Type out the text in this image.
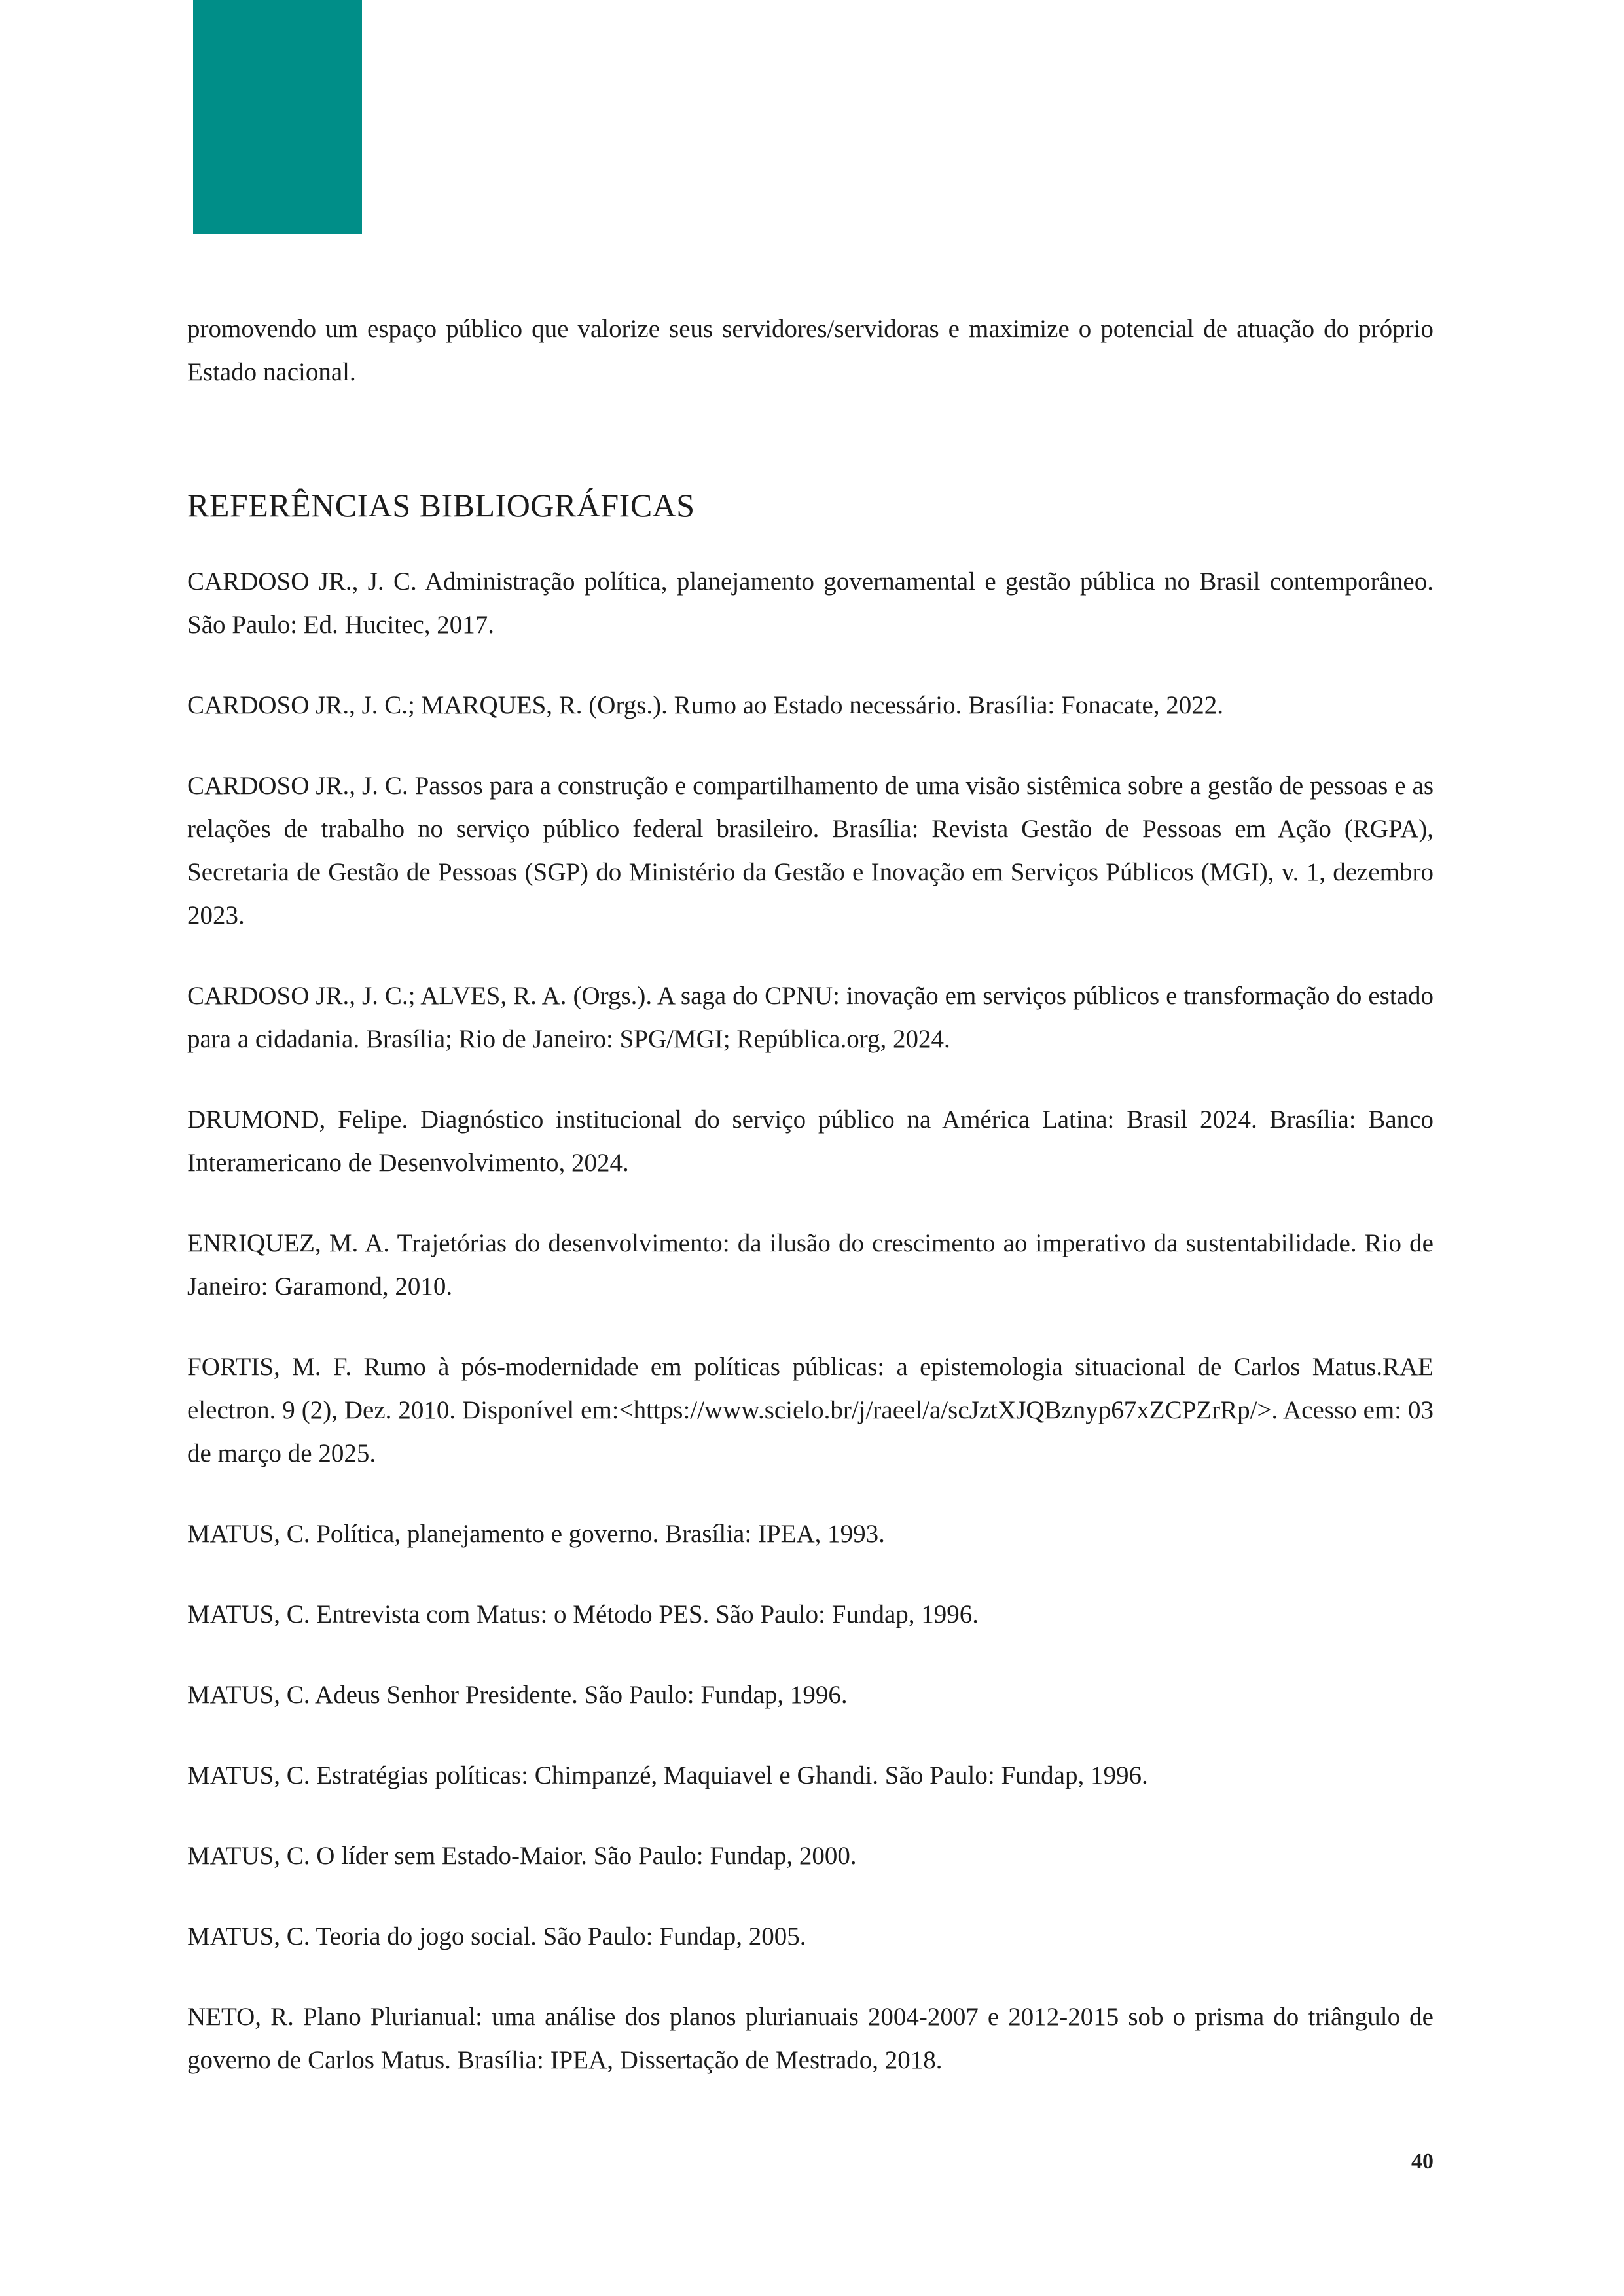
promovendo um espaço público que valorize seus servidores/servidoras e maximize o potencial de atuação do próprio Estado nacional.

REFERÊNCIAS BIBLIOGRÁFICAS

CARDOSO JR., J. C. Administração política, planejamento governamental e gestão pública no Brasil contemporâneo. São Paulo: Ed. Hucitec, 2017.

CARDOSO JR., J. C.; MARQUES, R. (Orgs.). Rumo ao Estado necessário. Brasília: Fonacate, 2022.

CARDOSO JR., J. C. Passos para a construção e compartilhamento de uma visão sistêmica sobre a gestão de pessoas e as relações de trabalho no serviço público federal brasileiro. Brasília: Revista Gestão de Pessoas em Ação (RGPA), Secretaria de Gestão de Pessoas (SGP) do Ministério da Gestão e Inovação em Serviços Públicos (MGI), v. 1, dezembro 2023.

CARDOSO JR., J. C.; ALVES, R. A. (Orgs.). A saga do CPNU: inovação em serviços públicos e transformação do estado para a cidadania. Brasília; Rio de Janeiro: SPG/MGI; República.org, 2024.

DRUMOND, Felipe. Diagnóstico institucional do serviço público na América Latina: Brasil 2024. Brasília: Banco Interamericano de Desenvolvimento, 2024.

ENRIQUEZ, M. A. Trajetórias do desenvolvimento: da ilusão do crescimento ao imperativo da sustentabilidade. Rio de Janeiro: Garamond, 2010.

FORTIS, M. F. Rumo à pós-modernidade em políticas públicas: a epistemologia situacional de Carlos Matus.RAE electron. 9 (2), Dez. 2010. Disponível em:<https://www.scielo.br/j/raeel/a/scJztXJQBznyp67xZCPZrRp/>. Acesso em: 03 de março de 2025.

MATUS, C. Política, planejamento e governo. Brasília: IPEA, 1993.

MATUS, C. Entrevista com Matus: o Método PES. São Paulo: Fundap, 1996.

MATUS, C. Adeus Senhor Presidente. São Paulo: Fundap, 1996.

MATUS, C. Estratégias políticas: Chimpanzé, Maquiavel e Ghandi. São Paulo: Fundap, 1996.

MATUS, C. O líder sem Estado-Maior. São Paulo: Fundap, 2000.

MATUS, C. Teoria do jogo social. São Paulo: Fundap, 2005.

NETO, R. Plano Plurianual: uma análise dos planos plurianuais 2004-2007 e 2012-2015 sob o prisma do triângulo de governo de Carlos Matus. Brasília: IPEA, Dissertação de Mestrado, 2018.

40
